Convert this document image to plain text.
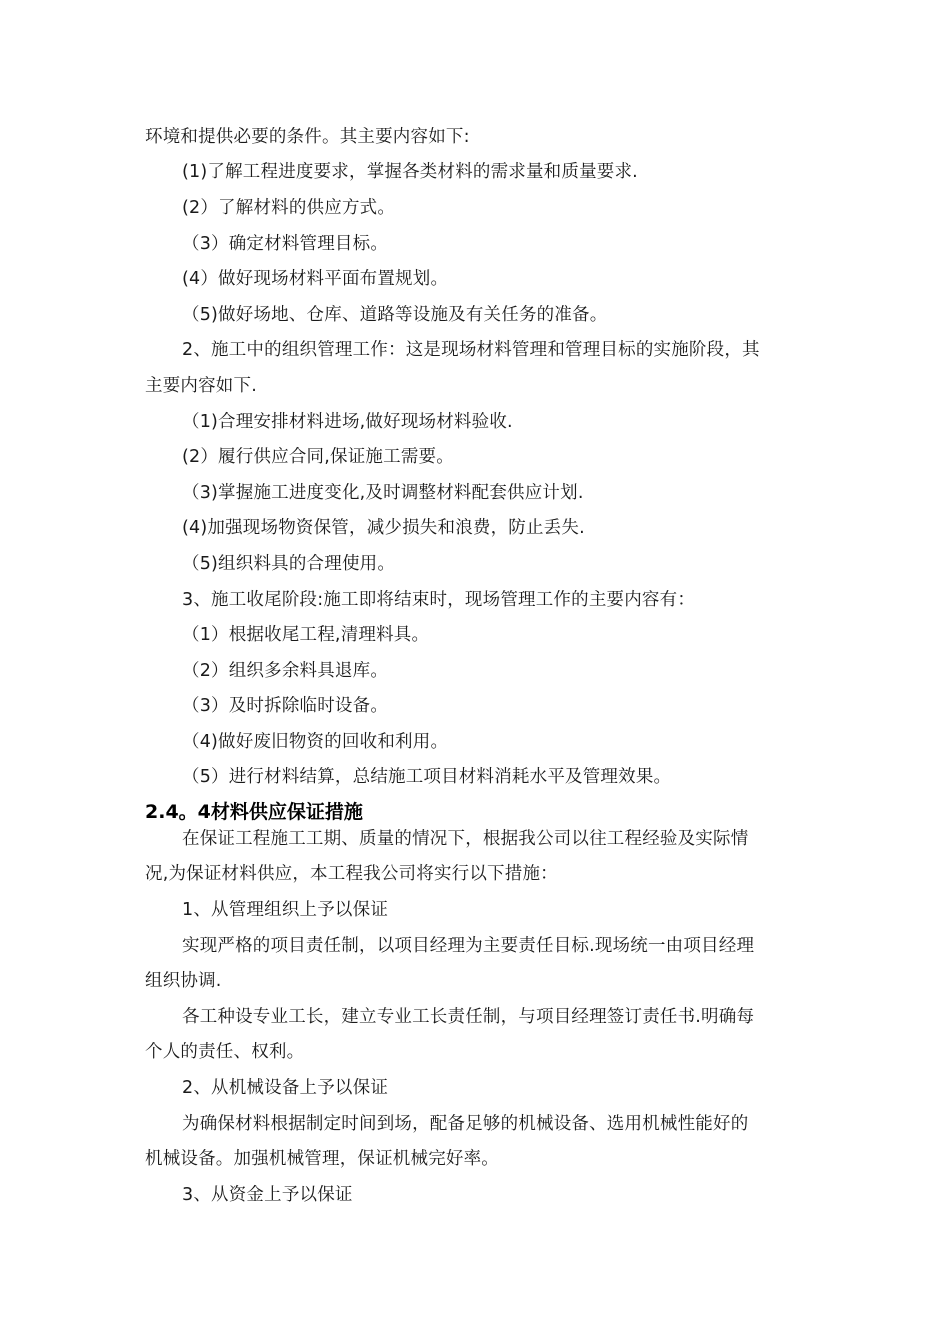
环境和提供必要的条件。其主要内容如下:
(1)了解工程进度要求，掌握各类材料的需求量和质量要求.
(2）了解材料的供应方式。
（3）确定材料管理目标。
(4）做好现场材料平面布置规划。
（5)做好场地、仓库、道路等设施及有关任务的准备。
2、施工中的组织管理工作：这是现场材料管理和管理目标的实施阶段，其
主要内容如下.
（1)合理安排材料进场,做好现场材料验收.
(2）履行供应合同,保证施工需要。
（3)掌握施工进度变化,及时调整材料配套供应计划.
(4)加强现场物资保管，减少损失和浪费，防止丢失.
（5)组织料具的合理使用。
3、施工收尾阶段:施工即将结束时，现场管理工作的主要内容有：
（1）根据收尾工程,清理料具。
（2）组织多余料具退库。
（3）及时拆除临时设备。
（4)做好废旧物资的回收和利用。
（5）进行材料结算，总结施工项目材料消耗水平及管理效果。
2.4。4材料供应保证措施
在保证工程施工工期、质量的情况下，根据我公司以往工程经验及实际情
况,为保证材料供应，本工程我公司将实行以下措施：
1、从管理组织上予以保证
实现严格的项目责任制，以项目经理为主要责任目标.现场统一由项目经理
组织协调.
各工种设专业工长，建立专业工长责任制，与项目经理签订责任书.明确每
个人的责任、权利。
2、从机械设备上予以保证
为确保材料根据制定时间到场，配备足够的机械设备、选用机械性能好的
机械设备。加强机械管理，保证机械完好率。
3、从资金上予以保证
